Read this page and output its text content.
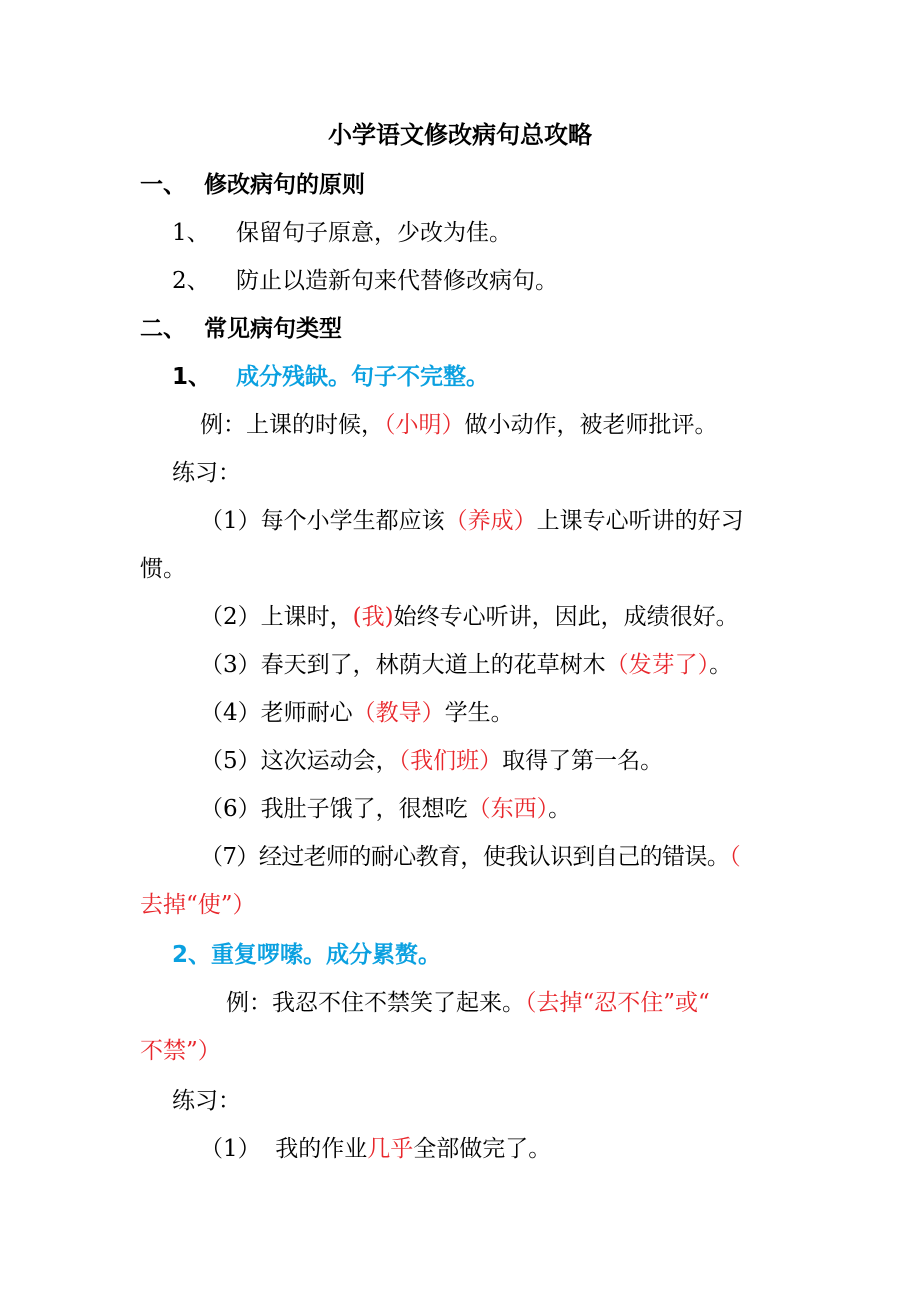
小学语文修改病句总攻略
一、 修改病句的原则
1、 保留句子原意，少改为佳。
2、 防止以造新句来代替修改病句。
二、 常见病句类型
1、 成分残缺。句子不完整。
例：上课的时候，（小明）做小动作，被老师批评。
练习：
（1）每个小学生都应该（养成）上课专心听讲的好习
惯。
（2）上课时，(我)始终专心听讲，因此，成绩很好。
（3）春天到了，林荫大道上的花草树木（发芽了）。
（4）老师耐心（教导）学生。
（5）这次运动会，（我们班）取得了第一名。
（6）我肚子饿了，很想吃（东西）。
（7）经过老师的耐心教育，使我认识到自己的错误。（
去掉“使”）
2、重复啰嗦。成分累赘。
例：我忍不住不禁笑了起来。（去掉“忍不住”或“
不禁”）
练习：
（1）  我的作业几乎全部做完了。
